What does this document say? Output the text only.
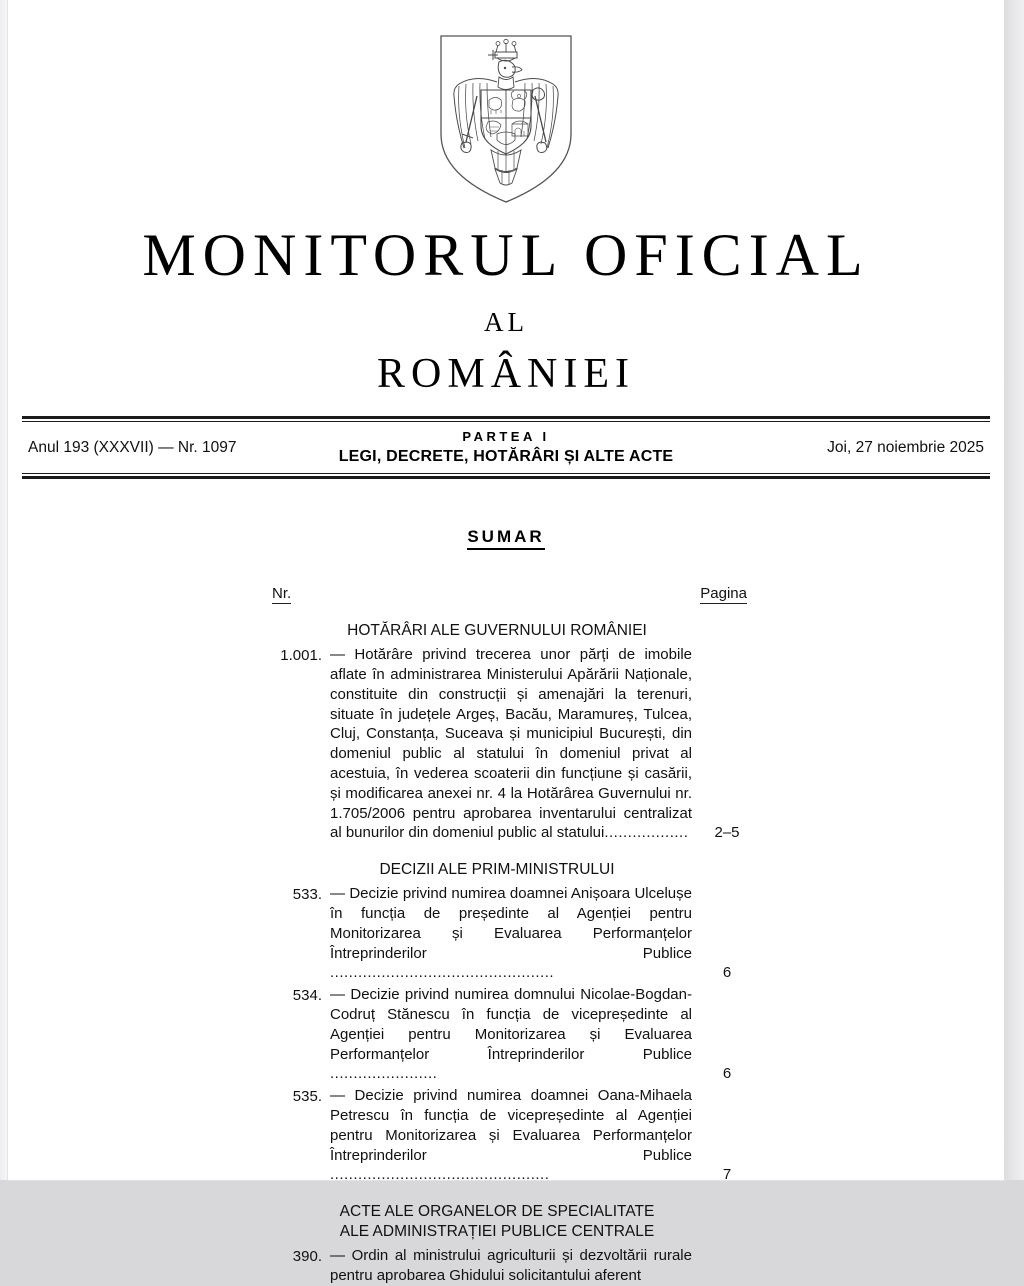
MONITORUL OFICIAL
AL
ROMÂNIEI
Anul 193 (XXXVII) — Nr. 1097
PARTEA I
LEGI, DECRETE, HOTĂRÂRI ȘI ALTE ACTE
Joi, 27 noiembrie 2025
SUMAR
Nr.	Pagina
HOTĂRÂRI ALE GUVERNULUI ROMÂNIEI
1.001. — Hotărâre privind trecerea unor părți de imobile aflate în administrarea Ministerului Apărării Naționale, constituite din construcții și amenajări la terenuri, situate în județele Argeș, Bacău, Maramureș, Tulcea, Cluj, Constanța, Suceava și municipiul București, din domeniul public al statului în domeniul privat al acestuia, în vederea scoaterii din funcțiune și casării, și modificarea anexei nr. 4 la Hotărârea Guvernului nr. 1.705/2006 pentru aprobarea inventarului centralizat al bunurilor din domeniul public al statului..................	2–5
DECIZII ALE PRIM-MINISTRULUI
533. — Decizie privind numirea doamnei Anișoara Ulcelușe în funcția de președinte al Agenției pentru Monitorizarea și Evaluarea Performanțelor Întreprinderilor Publice ................................................	6
534. — Decizie privind numirea domnului Nicolae-Bogdan-Codruț Stănescu în funcția de vicepreședinte al Agenției pentru Monitorizarea și Evaluarea Performanțelor Întreprinderilor Publice .......................	6
535. — Decizie privind numirea doamnei Oana-Mihaela Petrescu în funcția de vicepreședinte al Agenției pentru Monitorizarea și Evaluarea Performanțelor Întreprinderilor Publice ...............................................	7
ACTE ALE ORGANELOR DE SPECIALITATE
ALE ADMINISTRAȚIEI PUBLICE CENTRALE
390. — Ordin al ministrului agriculturii și dezvoltării rurale pentru aprobarea Ghidului solicitantului aferent
